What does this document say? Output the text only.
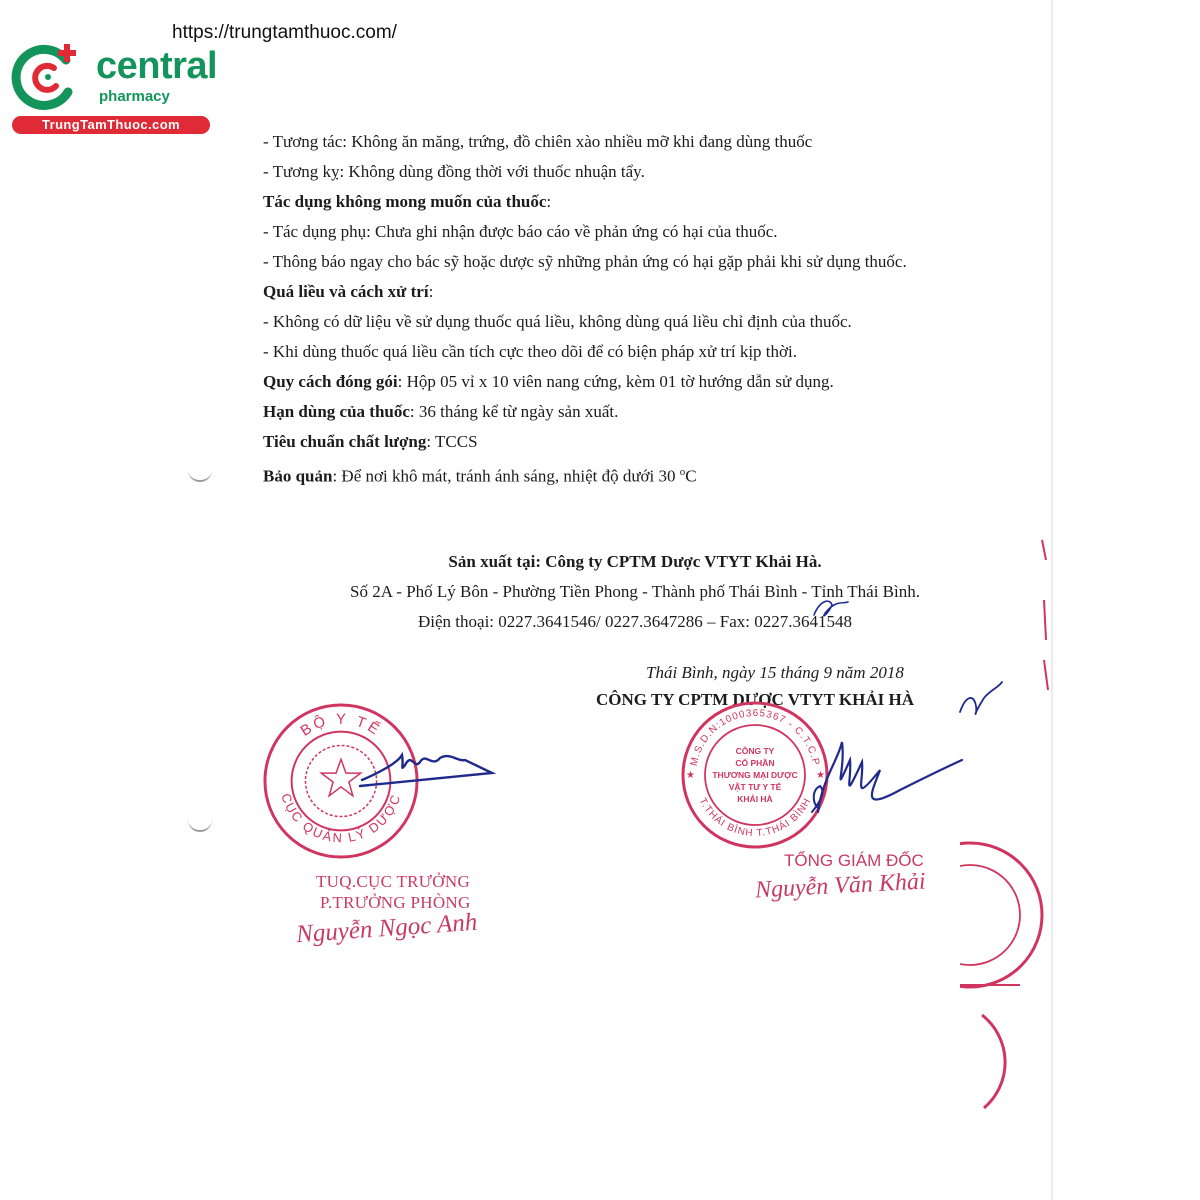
https://trungtamthuoc.com/
central
pharmacy
TrungTamThuoc.com
- Tương tác: Không ăn măng, trứng, đồ chiên xào nhiều mỡ khi đang dùng thuốc
- Tương kỵ: Không dùng đồng thời với thuốc nhuận tẩy.
Tác dụng không mong muốn của thuốc:
- Tác dụng phụ: Chưa ghi nhận được báo cáo về phản ứng có hại của thuốc.
- Thông báo ngay cho bác sỹ hoặc dược sỹ những phản ứng có hại gặp phải khi sử dụng thuốc.
Quá liều và cách xử trí:
- Không có dữ liệu về sử dụng thuốc quá liều, không dùng quá liều chỉ định của thuốc.
- Khi dùng thuốc quá liều cần tích cực theo dõi để có biện pháp xử trí kịp thời.
Quy cách đóng gói: Hộp 05 vỉ x 10 viên nang cứng, kèm 01 tờ hướng dẫn sử dụng.
Hạn dùng của thuốc: 36 tháng kể từ ngày sản xuất.
Tiêu chuẩn chất lượng: TCCS
Bảo quản: Để nơi khô mát, tránh ánh sáng, nhiệt độ dưới 30 $^o$C
Sản xuất tại: Công ty CPTM Dược VTYT Khải Hà.
Số 2A - Phố Lý Bôn - Phường Tiền Phong - Thành phố Thái Bình - Tỉnh Thái Bình.
Điện thoại: 0227.3641546/ 0227.3647286 – Fax: 0227.3641548
Thái Bình, ngày 15 tháng 9 năm 2018
CÔNG TY CPTM DƯỢC VTYT KHẢI HÀ
BỘ Y TẾ
CỤC QUẢN LÝ DƯỢC
M.S.D.N:1000365367 - C.T.C.P
T.THÁI BÌNH T.THÁI BÌNH
CÔNG TY
CỔ PHẦN
THƯƠNG MẠI DƯỢC
VẬT TƯ Y TẾ
KHẢI HÀ
★	★
TUQ.CỤC TRƯỞNG
P.TRƯỞNG PHÒNG
Nguyễn Ngọc Anh
TỔNG GIÁM ĐỐC
Nguyễn Văn Khải
